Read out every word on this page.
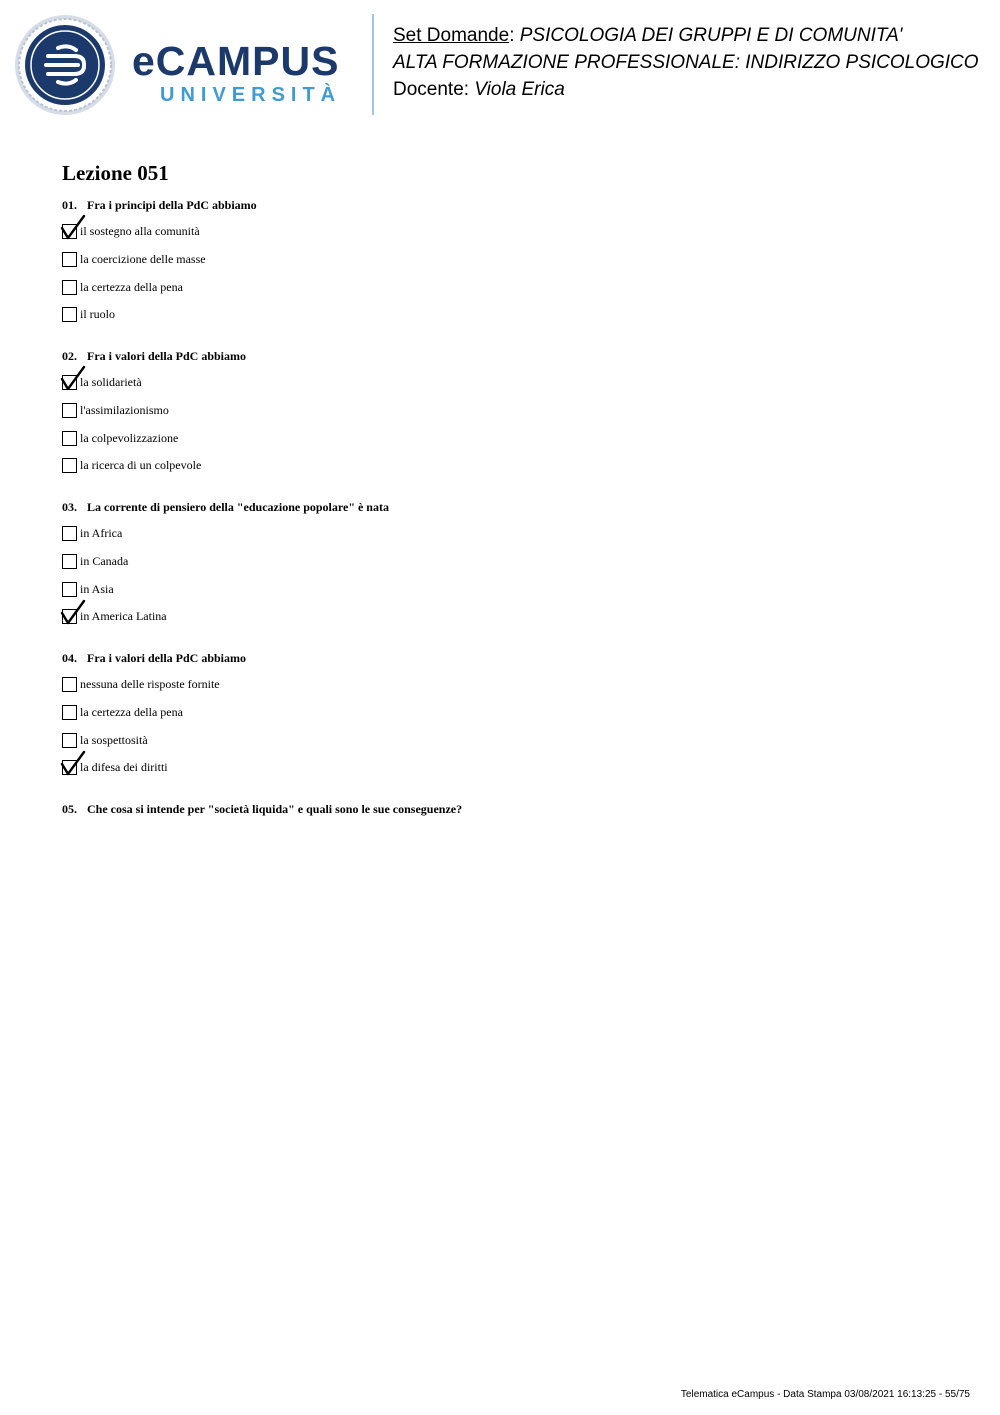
eCAMPUS
UNIVERSITÀ
Set Domande: PSICOLOGIA DEI GRUPPI E DI COMUNITA'
ALTA FORMAZIONE PROFESSIONALE: INDIRIZZO PSICOLOGICO
Docente: Viola Erica
Lezione 051
01. Fra i principi della PdC abbiamo
il sostegno alla comunità
la coercizione delle masse
la certezza della pena
il ruolo
02. Fra i valori della PdC abbiamo
la solidarietà
l'assimilazionismo
la colpevolizzazione
la ricerca di un colpevole
03. La corrente di pensiero della "educazione popolare" è nata
in Africa
in Canada
in Asia
in America Latina
04. Fra i valori della PdC abbiamo
nessuna delle risposte fornite
la certezza della pena
la sospettosità
la difesa dei diritti
05. Che cosa si intende per "società liquida" e quali sono le sue conseguenze?
Telematica eCampus - Data Stampa 03/08/2021 16:13:25 - 55/75
